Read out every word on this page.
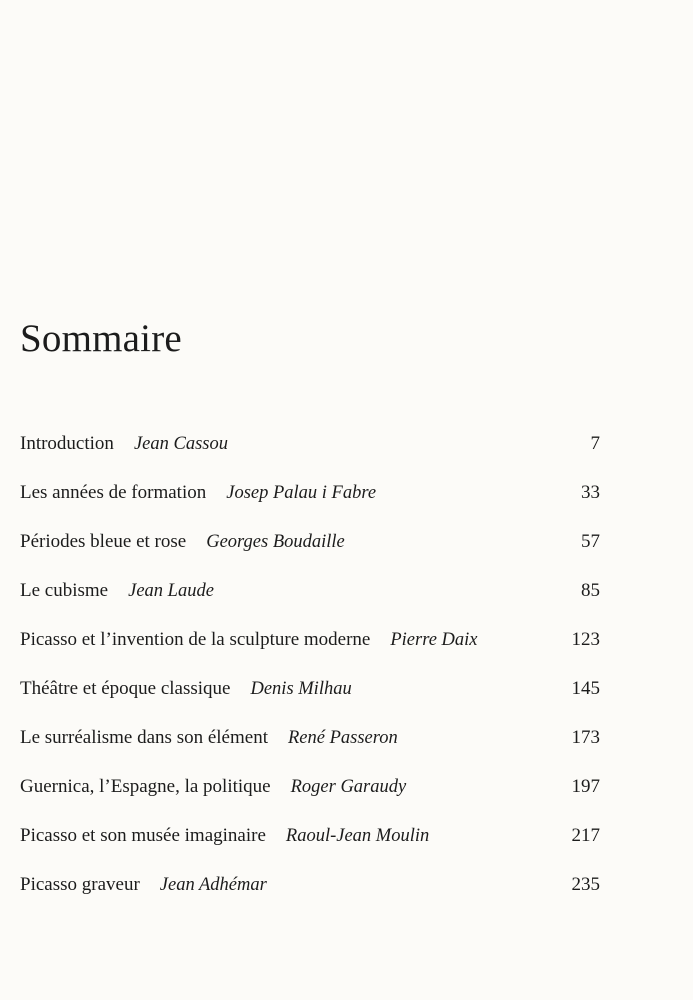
Sommaire
Introduction Jean Cassou	7
Les années de formation Josep Palau i Fabre	33
Périodes bleue et rose Georges Boudaille	57
Le cubisme Jean Laude	85
Picasso et l’invention de la sculpture moderne Pierre Daix	123
Théâtre et époque classique Denis Milhau	145
Le surréalisme dans son élément René Passeron	173
Guernica, l’Espagne, la politique Roger Garaudy	197
Picasso et son musée imaginaire Raoul-Jean Moulin	217
Picasso graveur Jean Adhémar	235
